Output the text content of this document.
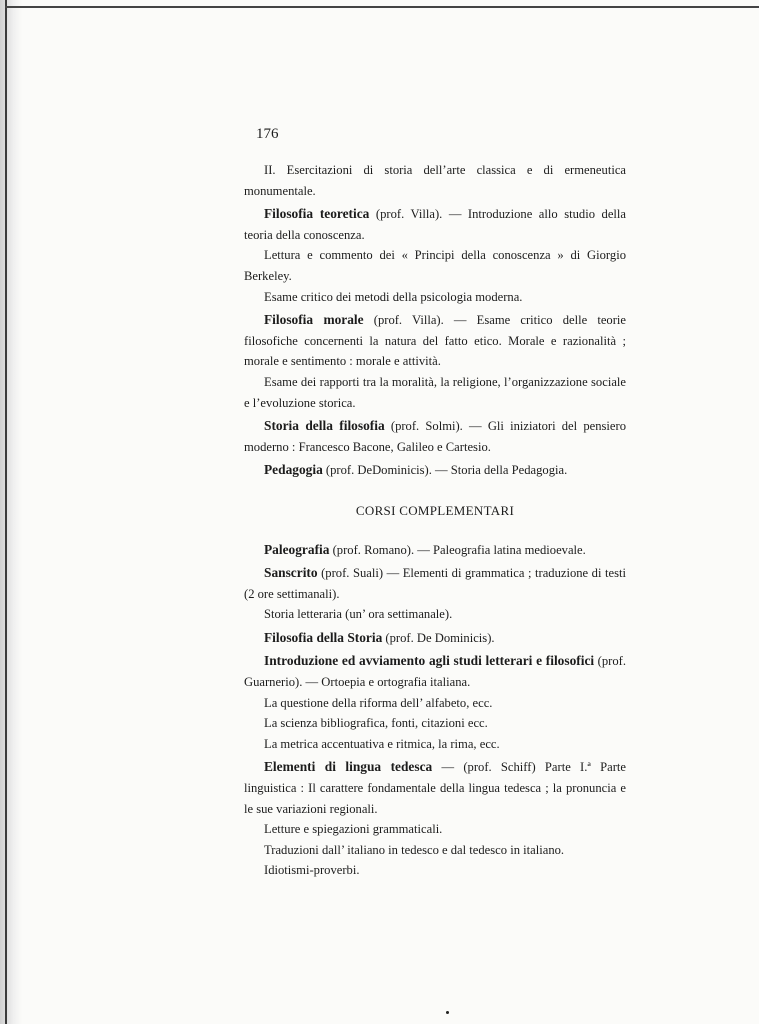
176

II. Esercitazioni di storia dell’arte classica e di ermeneutica monumentale.

Filosofia teoretica (prof. Villa). — Introduzione allo studio della teoria della conoscenza.

Lettura e commento dei « Principi della conoscenza » di Giorgio Berkeley.

Esame critico dei metodi della psicologia moderna.

Filosofia morale (prof. Villa). — Esame critico delle teorie filosofiche concernenti la natura del fatto etico. Morale e razionalità ; morale e sentimento : morale e attività.

Esame dei rapporti tra la moralità, la religione, l’organizzazione sociale e l’evoluzione storica.

Storia della filosofia (prof. Solmi). — Gli iniziatori del pensiero moderno : Francesco Bacone, Galileo e Cartesio.

Pedagogia (prof. DeDominicis). — Storia della Pedagogia.

CORSI COMPLEMENTARI

Paleografia (prof. Romano). — Paleografia latina medioevale.

Sanscrito (prof. Suali) — Elementi di grammatica ; traduzione di testi (2 ore settimanali).

Storia letteraria (un’ ora settimanale).

Filosofia della Storia (prof. De Dominicis).

Introduzione ed avviamento agli studi letterari e filosofici (prof. Guarnerio). — Ortoepia e ortografia italiana.

La questione della riforma dell’ alfabeto, ecc.

La scienza bibliografica, fonti, citazioni ecc.

La metrica accentuativa e ritmica, la rima, ecc.

Elementi di lingua tedesca — (prof. Schiff) Parte I.ª Parte linguistica : Il carattere fondamentale della lingua tedesca ; la pronuncia e le sue variazioni regionali.

Letture e spiegazioni grammaticali.

Traduzioni dall’ italiano in tedesco e dal tedesco in italiano.

Idiotismi-proverbi.
